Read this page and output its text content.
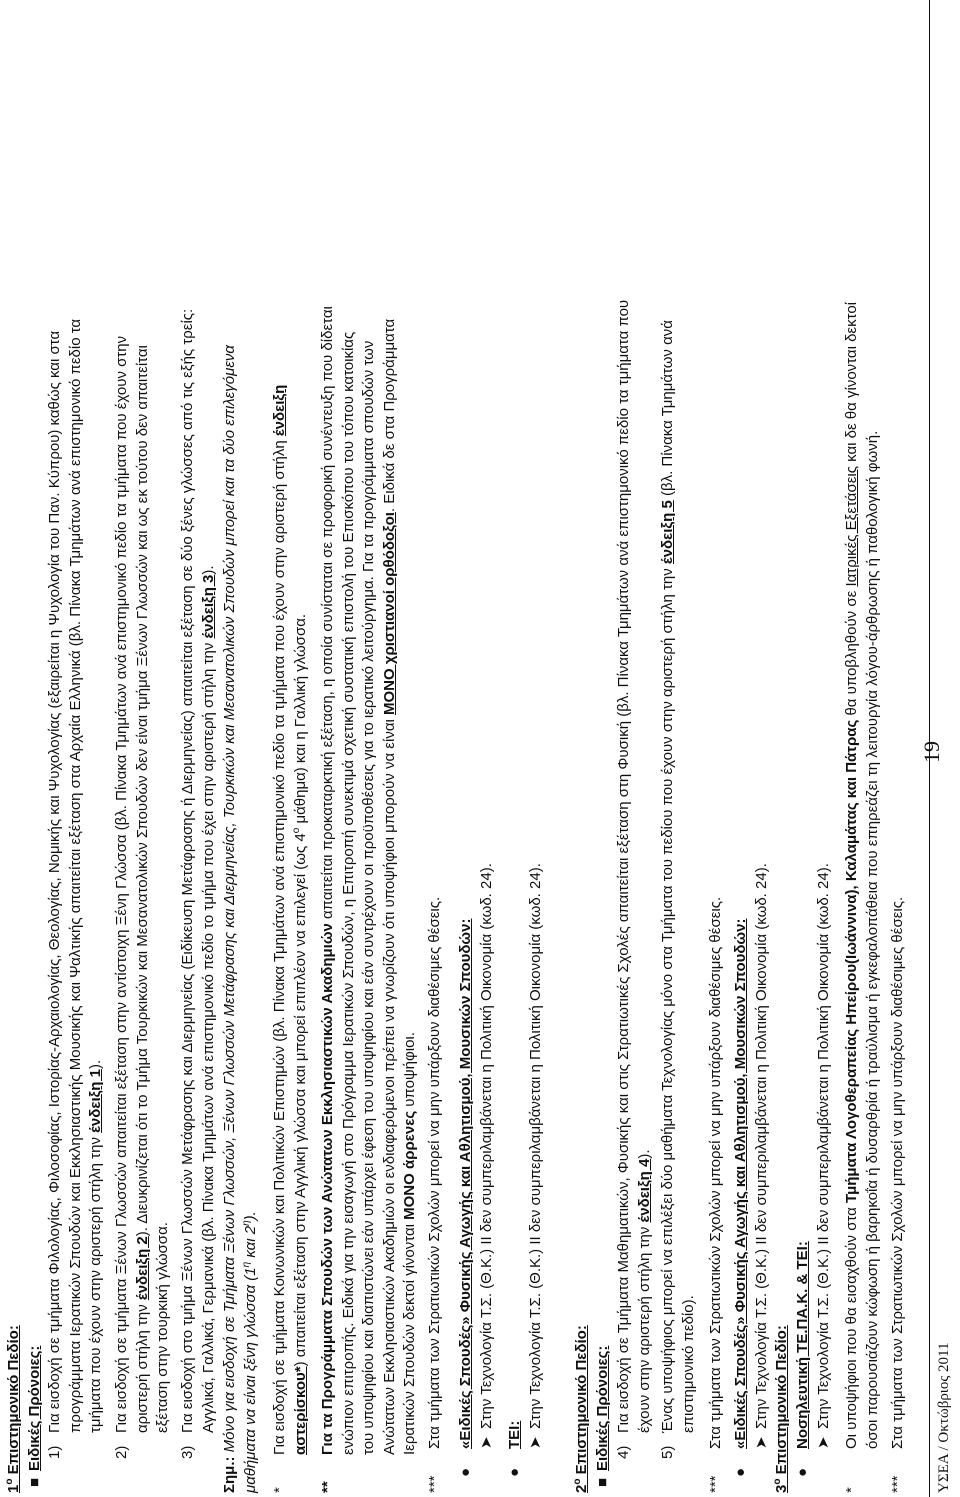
$1^o$ Επιστημονικό Πεδίο:
■
Ειδικές Πρόνοιες: 1)
Για εισδοχή σε τμήματα Φιλολογίας, Φιλοσοφίας, Ιστορίας-Αρχαιολογίας, Θεολογίας, Νομικής και Ψυχολογίας (εξαιρείται η Ψυχολογία του Παν. Κύπρου) καθώς και στα προγράμματα Ιερατικών Σπουδών και Εκκλησιαστικής Μουσικής και Ψαλτικής απαιτείται εξέταση στα Αρχαία Ελληνικά (βλ. Πίνακα Τμημάτων ανά επιστημονικό πεδίο τα τμήματα που έχουν στην αριστερή στήλη την ένδειξη 1).
2)
Για εισδοχή σε τμήματα Ξένων Γλωσσών απαιτείται εξέταση στην αντίστοιχη Ξένη Γλώσσα (βλ. Πίνακα Τμημάτων ανά επιστημονικό πεδίο τα τμήματα που έχουν στην αριστερή στήλη την ένδειξη 2). Διευκρινίζεται ότι το Τμήμα Τουρκικών και Μεσανατολικών Σπουδών δεν είναι τμήμα Ξένων Γλωσσών και ως εκ τούτου δεν απαιτείται
εξέταση στην τουρκική γλώσσα.
3)
Για εισδοχή στο τμήμα Ξένων Γλωσσών Μετάφρασης και Διερμηνείας (Ειδίκευση Μετάφρασης ή Διερμηνείας) απαιτείται εξέταση σε δύο ξένες γλώσσες από τις εξής τρείς: Αγγλικά, Γαλλικά, Γερμανικά (βλ. Πίνακα Τμημάτων ανά επιστημονικό πεδίο το τμήμα που έχει στην αριστερή στήλη την ένδειξη 3).
Σημ.: Μόνο για εισδοχή σε Τμήματα Ξένων Γλωσσών, Ξένων Γλωσσών Μετάφρασης και Διερμηνείας, Τουρκικών και Μεσανατολικών Σπουδών μπορεί και τα δύο επιλεγόμενα μαθήματα να είναι ξένη γλώσσα ($1^\eta$ και $2^\eta$).
*
Για εισδοχή σε τμήματα Κοινωνικών και Πολιτικών Επιστημών (βλ. Πίνακα Τμημάτων ανά επιστημονικό πεδίο τα τμήματα που έχουν στην αριστερή στήλη ένδειξη
αστερίσκου*) απαιτείται εξέταση στην Αγγλική γλώσσα και μπορεί επιπλέον να επιλεγεί (ως $4^o$ μάθημα) και η Γαλλική γλώσσα.
**
Για τα Προγράμματα Σπουδών των Ανώτατων Εκκλησιαστικών Ακαδημιών απαιτείται προκαταρκτική εξέταση, η οποία συνίσταται σε προφορική συνέντευξη που δίδεται ενώπιον επιτροπής. Ειδικά για την εισαγωγή στο Πρόγραμμα Ιερατικών Σπουδών, η Επιτροπή συνεκτιμά σχετική συστατική επιστολή του Επισκόπου του τόπου κατοικίας του υποψηφίου και διαπιστώνει εάν υπάρχει έφεση του υποψηφίου και εάν συντρέχουν οι προϋποθέσεις για το ιερατικό λειτούργημα. Για τα προγράμματα σπουδών των Ανώτατων Εκκλησιαστικών Ακαδημιών οι ενδιαφερόμενοι πρέπει να γνωρίζουν ότι υποψήφιοι μπορούν να είναι ΜΟΝΟ χριστιανοί ορθόδοξοι. Ειδικά δε στα Προγράμματα
Ιερατικών Σπουδών δεκτοί γίνονται ΜΟΝΟ άρρενες υποψήφιοι.
***
Στα τμήματα των Στρατιωτικών Σχολών μπορεί να μην υπάρξουν διαθέσιμες θέσεις.
●
«Ειδικές Σπουδές» Φυσικής Αγωγής και Αθλητισμού, Μουσικών Σπουδών: ➤
Στην Τεχνολογία Τ.Σ. (Θ.Κ.) ΙΙ δεν συμπεριλαμβάνεται η Πολιτική Οικονομία (κωδ. 24).
●
ΤΕΙ: ➤
Στην Τεχνολογία Τ.Σ. (Θ.Κ.) ΙΙ δεν συμπεριλαμβάνεται η Πολιτική Οικονομία (κωδ. 24).
$2^o$ Επιστημονικό Πεδίο:
■
Ειδικές Πρόνοιες: 4)
Για εισδοχή σε Τμήματα Μαθηματικών, Φυσικής και στις Στρατιωτικές Σχολές απαιτείται εξέταση στη Φυσική (βλ. Πίνακα Τμημάτων ανά επιστημονικό πεδίο τα τμήματα που έχουν στην αριστερή στήλη την ένδειξη 4).
5)
Ένας υποψήφιος μπορεί να επιλέξει δύο μαθήματα Τεχνολογίας μόνο στα Τμήματα του πεδίου που έχουν στην αριστερή στήλη την ένδειξη 5 (βλ. Πίνακα Τμημάτων ανά
επιστημονικό πεδίο).
***
Στα τμήματα των Στρατιωτικών Σχολών μπορεί να μην υπάρξουν διαθέσιμες θέσεις.
●
«Ειδικές Σπουδές» Φυσικής Αγωγής και Αθλητισμού, Μουσικών Σπουδών: ➤
Στην Τεχνολογία Τ.Σ. (Θ.Κ.) ΙΙ δεν συμπεριλαμβάνεται η Πολιτική Οικονομία (κωδ. 24).
$3^o$ Επιστημονικό Πεδίο: ●
Νοσηλευτική ΤΕ.ΠΑ.Κ. & ΤΕΙ: ➤
Στην Τεχνολογία Τ.Σ. (Θ.Κ.) ΙΙ δεν συμπεριλαμβάνεται η Πολιτική Οικονομία (κωδ. 24).
*
Οι υποψήφιοι που θα εισαχθούν στα Τμήματα Λογοθεραπείας Ηπείρου(Ιωάννινα), Καλαμάτας και Πάτρας θα υποβληθούν σε Ιατρικές Εξετάσεις και δε θα γίνονται δεκτοί
όσοι παρουσιάζουν κώφωση ή βαρηκοΐα ή δυσαρθρία ή τραύλισμα ή εγκεφαλοπάθεια που επηρεάζει τη λειτουργία λόγου-άρθρωσης ή παθολογική φωνή.
***
Στα τμήματα των Στρατιωτικών Σχολών μπορεί να μην υπάρξουν διαθέσιμες θέσεις.
19
ΥΣΕΑ / Οκτώβριος 2011
